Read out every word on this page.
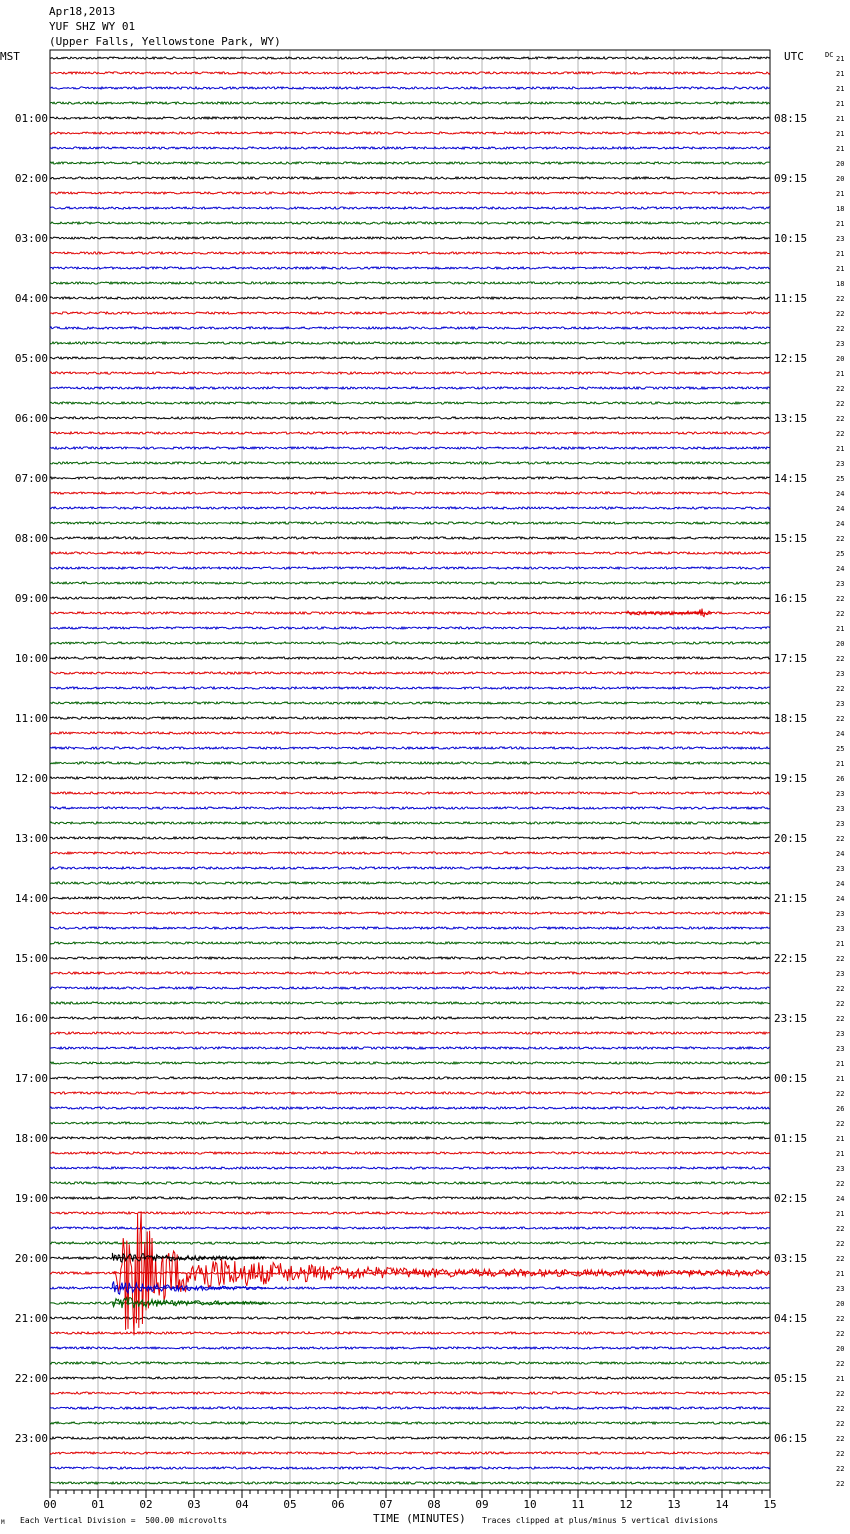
Apr18,2013
YUF SHZ WY 01
(Upper Falls, Yellowstone Park, WY)
MST	UTC	DC
TIME (MINUTES)
01:00
02:00
03:00
04:00
05:00
06:00
07:00
08:00
09:00
10:00
11:00
12:00
13:00
14:00
15:00
16:00
17:00
18:00
19:00
20:00
21:00
22:00
23:00
08:15
09:15
10:15
11:15
12:15
13:15
14:15
15:15
16:15
17:15
18:15
19:15
20:15
21:15
22:15
23:15
00:15
01:15
02:15
03:15
04:15
05:15
06:15
21
21
21
21
21
21
21
20
20
21
18
21
23
21
21
18
22
22
22
23
20
21
22
22
22
22
21
23
25
24
24
24
22
25
24
23
22
22
21
20
22
23
22
23
22
24
25
21
26
23
23
23
22
24
23
24
24
23
23
21
22
23
22
22
22
23
23
21
21
22
26
22
21
21
23
22
24
21
22
22
22
21
23
20
22
22
20
22
21
22
22
22
22
22
22
22
00	01	02	03	04	05	06	07	08	09	10	11	12	13	14	15
M Each Vertical Division =  500.00 microvolts	Traces clipped at plus/minus 5 vertical divisions
